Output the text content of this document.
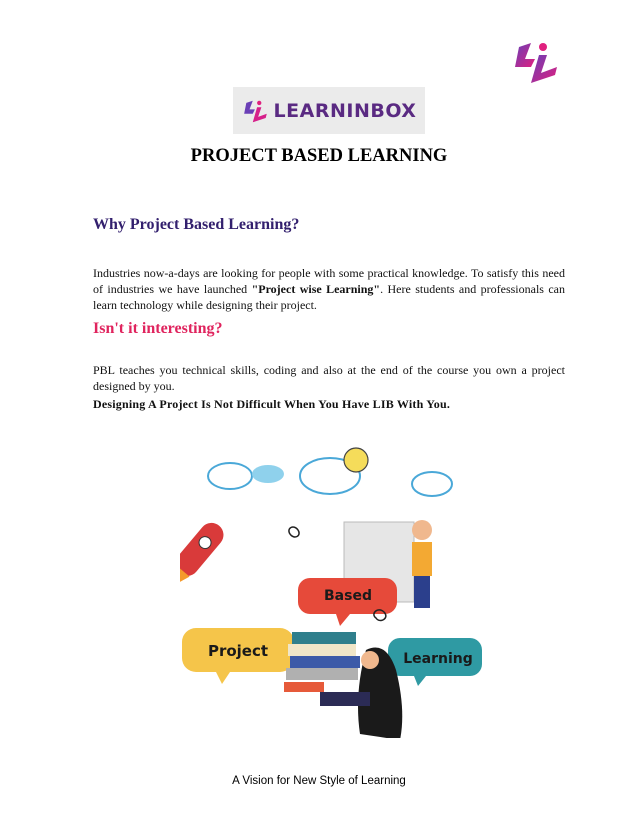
LEARNINBOX
PROJECT BASED LEARNING
Why Project Based Learning?
Industries now-a-days are looking for people with some practical knowledge. To satisfy this need of industries we have launched "Project wise Learning". Here students and professionals can learn technology while designing their project.
Isn't it interesting?
PBL teaches you technical skills, coding and also at the end of the course you own a project designed by you.
Designing A Project Is Not Difficult When You Have LIB With You.
Based
Project	Learning
A Vision for New Style of Learning
